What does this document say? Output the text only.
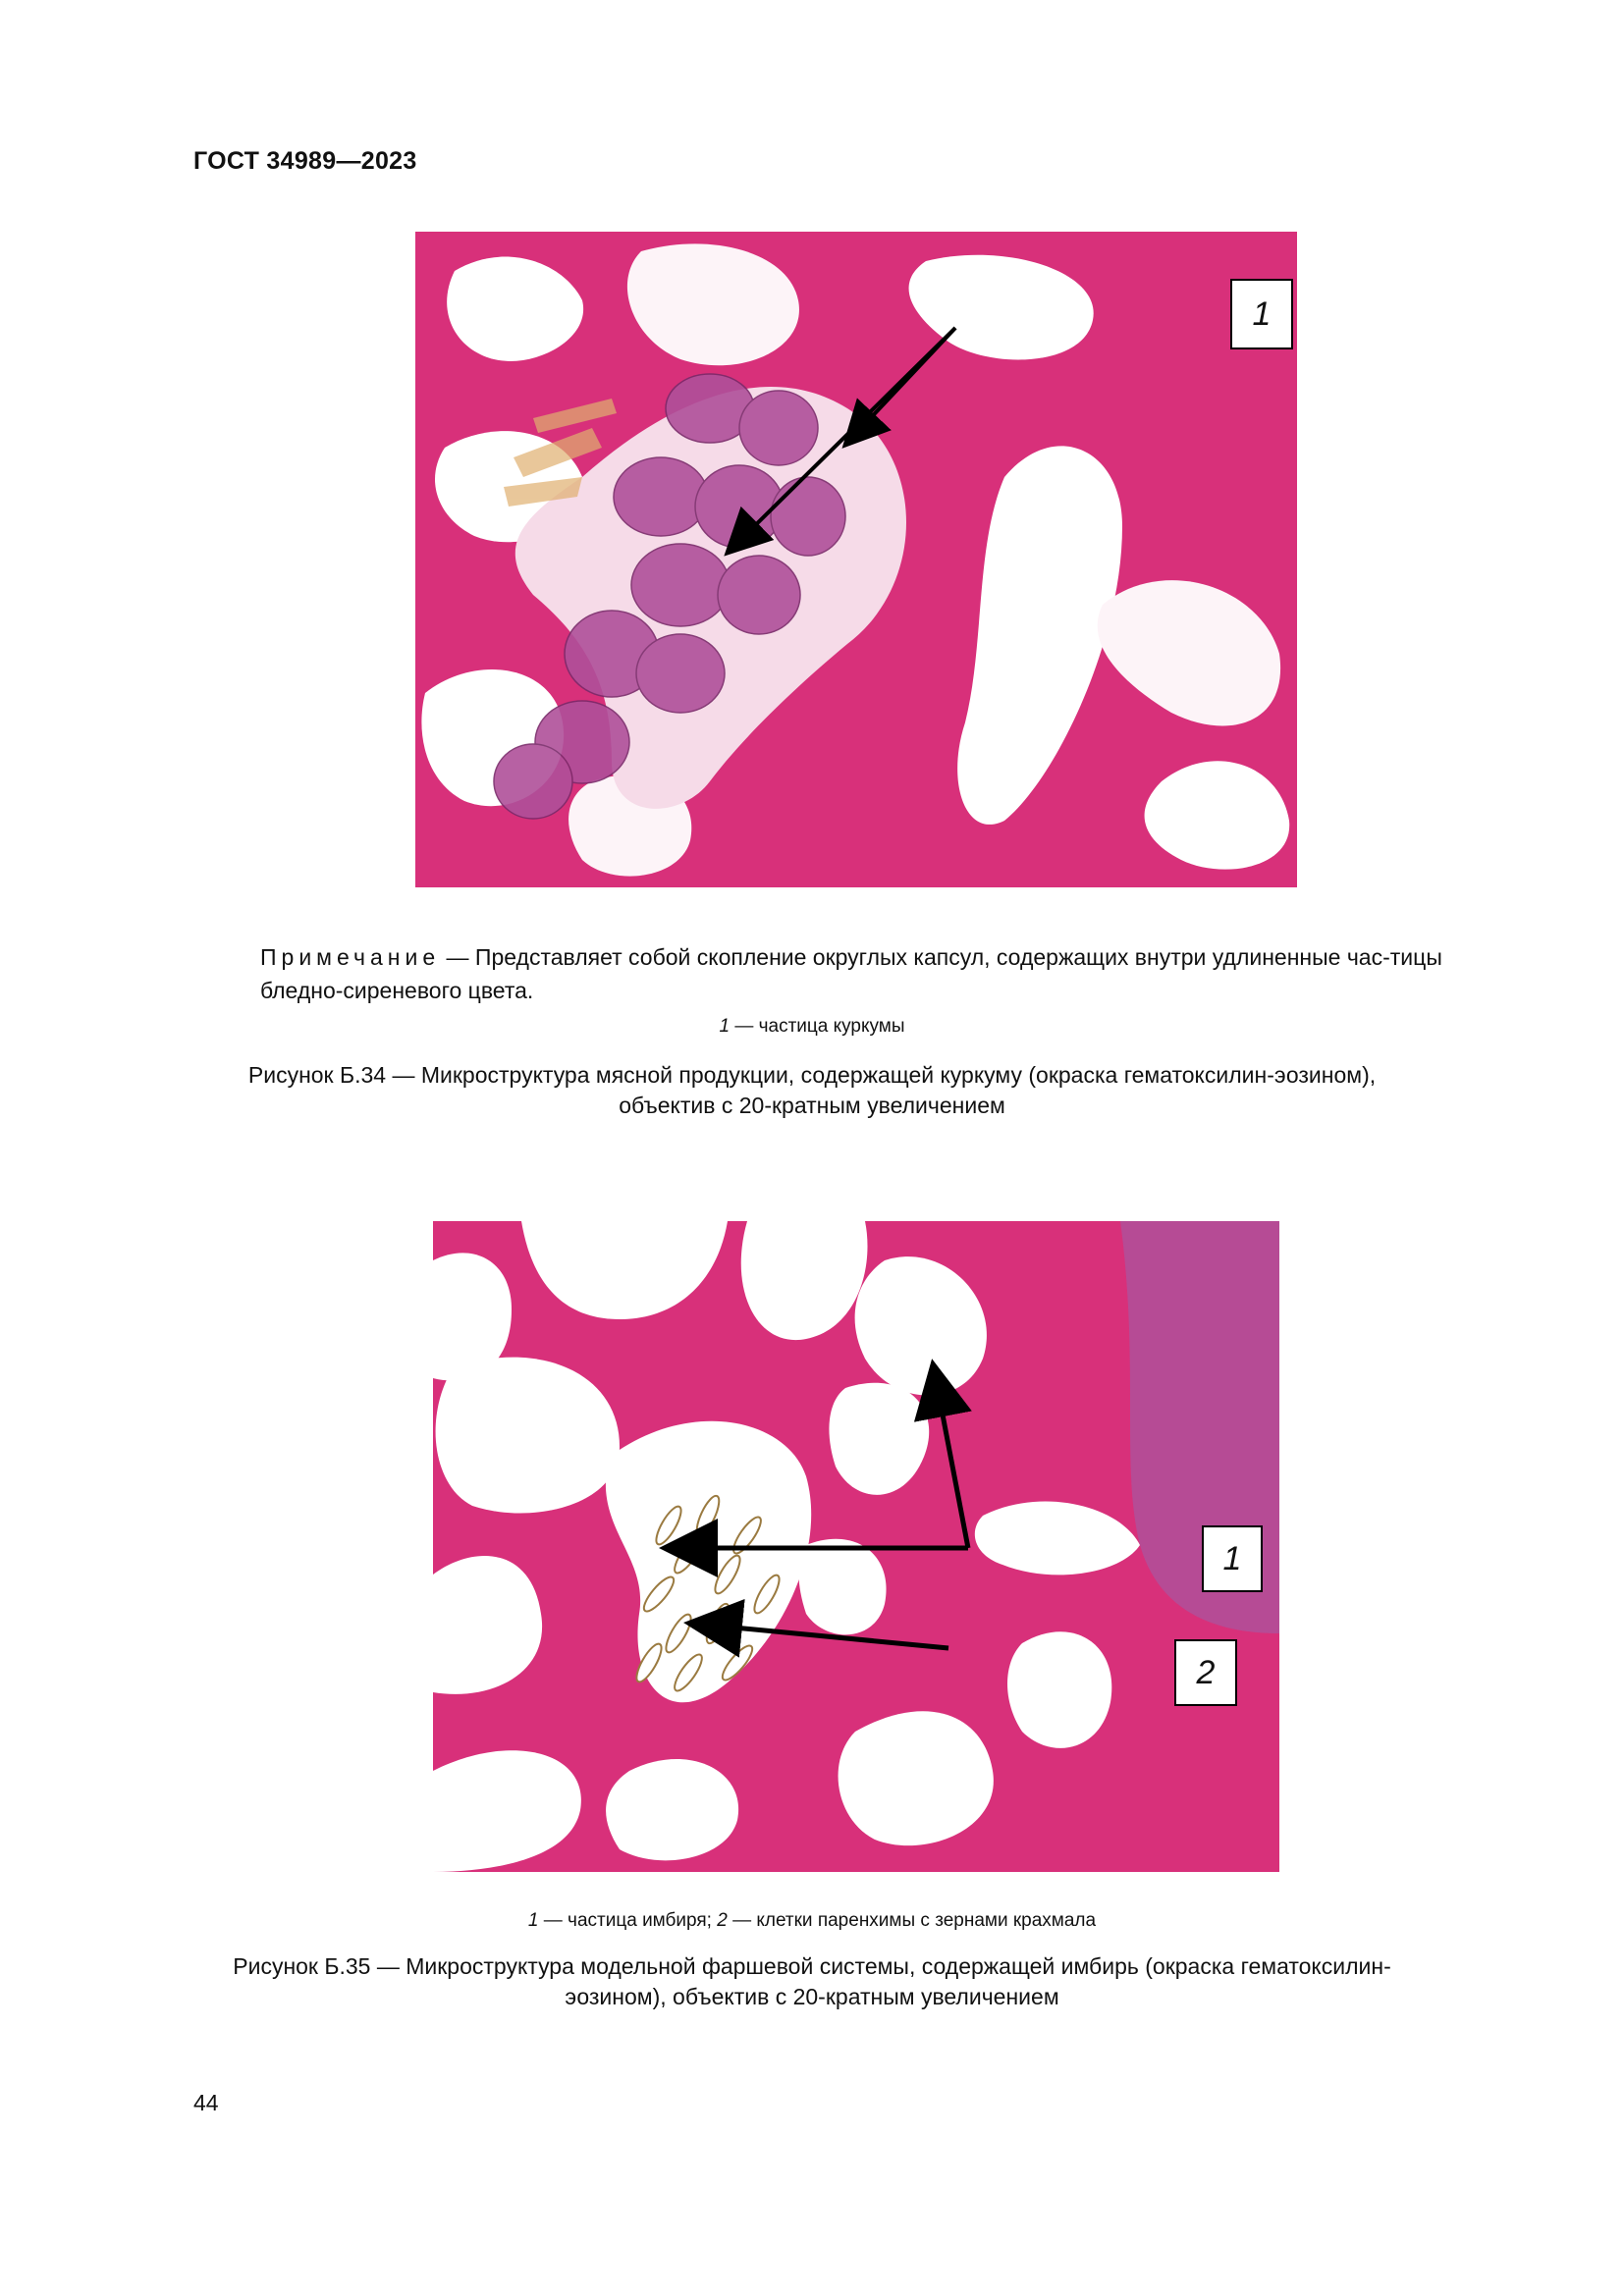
ГОСТ 34989—2023
1
Примечание — Представляет собой скопление округлых капсул, содержащих внутри удлиненные час-тицы бледно-сиреневого цвета.
1 — частица куркумы
Рисунок Б.34 — Микроструктура мясной продукции, содержащей куркуму (окраска гематоксилин-эозином),
объектив с 20-кратным увеличением
1
2
1 — частица имбиря; 2 — клетки паренхимы с зернами крахмала
Рисунок Б.35 — Микроструктура модельной фаршевой системы, содержащей имбирь (окраска гематоксилин-
эозином), объектив с 20-кратным увеличением
44
